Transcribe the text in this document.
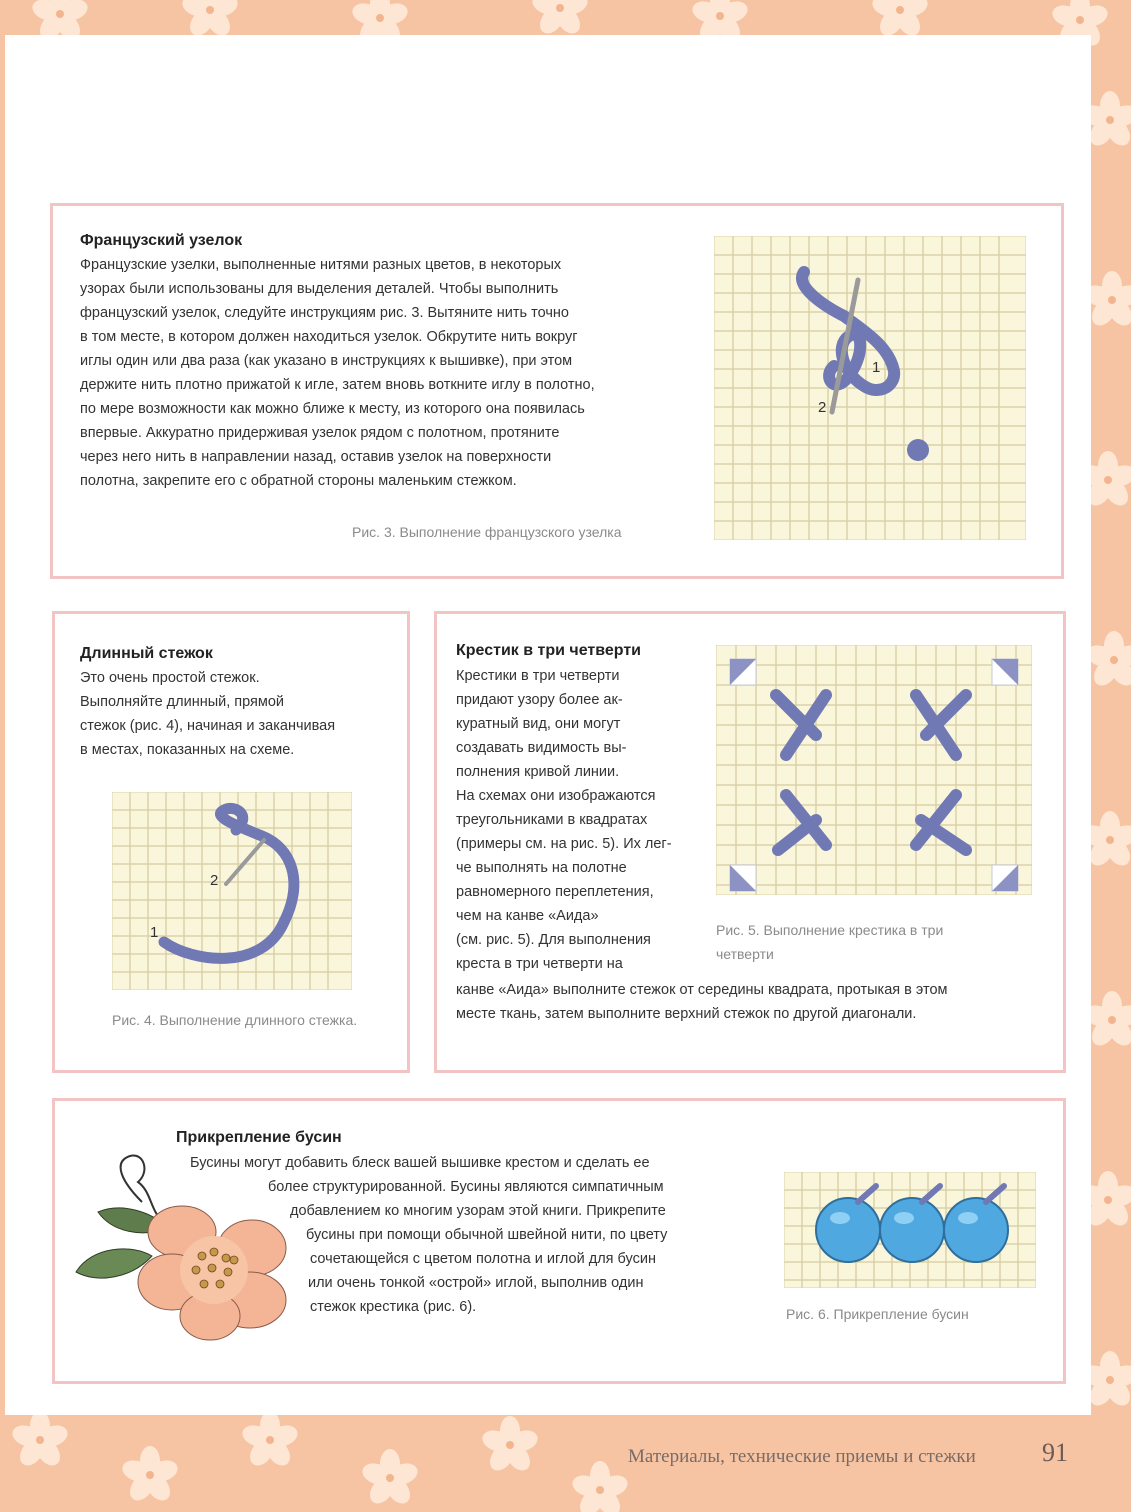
Французский узелок
Французские узелки, выполненные нитями разных цветов, в некоторых
узорах были использованы для выделения деталей. Чтобы выполнить
французский узелок, следуйте инструкциям рис. 3. Вытяните нить точно
в том месте, в котором должен находиться узелок. Обкрутите нить вокруг
иглы один или два раза (как указано в инструкциях к вышивке), при этом
держите нить плотно прижатой к игле, затем вновь воткните иглу в полотно,
по мере возможности как можно ближе к месту, из которого она появилась
впервые. Аккуратно придерживая узелок рядом с полотном, протяните
через него нить в направлении назад, оставив узелок на поверхности
полотна, закрепите его с обратной стороны маленьким стежком.
Рис. 3. Выполнение французского узелка
1
2
Длинный стежок
Это очень простой стежок.
Выполняйте длинный, прямой
стежок (рис. 4), начиная и заканчивая
в местах, показанных на схеме.
1
2
Рис. 4. Выполнение длинного стежка.
Крестик в три четверти
Крестики в три четверти
придают узору более ак-
куратный вид, они могут
создавать видимость вы-
полнения кривой линии.
На схемах они изображаются
треугольниками в квадратах
(примеры см. на рис. 5). Их лег-
че выполнять на полотне
равномерного переплетения,
чем на канве «Аида»
(см. рис. 5). Для выполнения
креста в три четверти на
канве «Аида» выполните стежок от середины квадрата, протыкая в этом
месте ткань, затем выполните верхний стежок по другой диагонали.
Рис. 5. Выполнение крестика в три
четверти
Прикрепление бусин
Бусины могут добавить блеск вашей вышивке крестом и сделать ее
более структурированной. Бусины являются симпатичным
добавлением ко многим узорам этой книги. Прикрепите
бусины при помощи обычной швейной нити, по цвету
сочетающейся с цветом полотна и иглой для бусин
или очень тонкой «острой» иглой, выполнив один
стежок крестика (рис. 6).	Рис. 6. Прикрепление бусин
Материалы, технические приемы и стежки	91
